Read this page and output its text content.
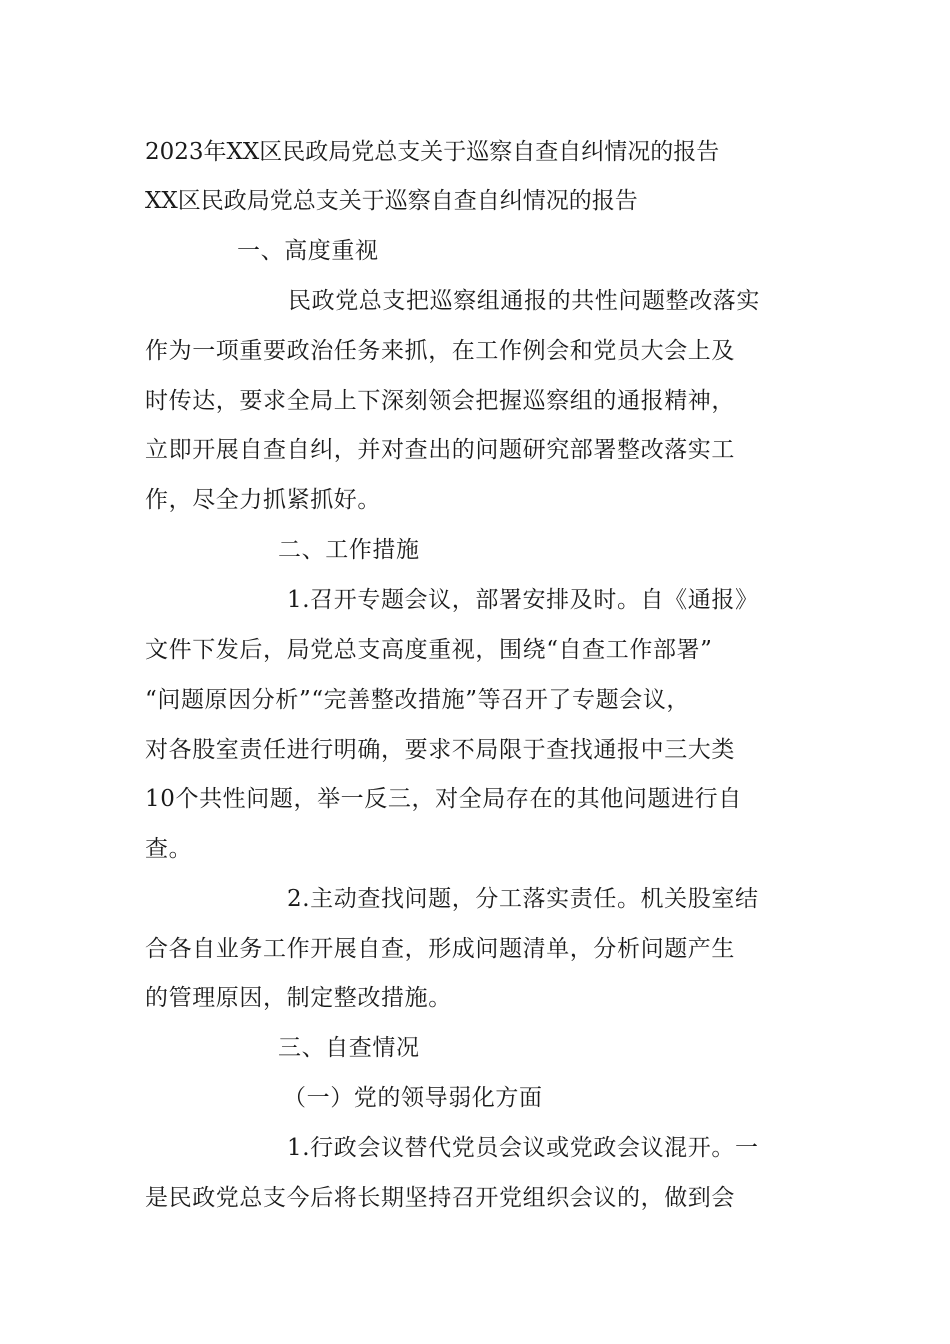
2023年XX区民政局党总支关于巡察自查自纠情况的报告
XX区民政局党总支关于巡察自查自纠情况的报告
一、高度重视
民政党总支把巡察组通报的共性问题整改落实
作为一项重要政治任务来抓，在工作例会和党员大会上及
时传达，要求全局上下深刻领会把握巡察组的通报精神，
立即开展自查自纠，并对查出的问题研究部署整改落实工
作，尽全力抓紧抓好。
二、工作措施
1.召开专题会议，部署安排及时。自《通报》
文件下发后，局党总支高度重视，围绕“自查工作部署”
“问题原因分析”“完善整改措施”等召开了专题会议，
对各股室责任进行明确，要求不局限于查找通报中三大类
10个共性问题，举一反三，对全局存在的其他问题进行自
查。
2.主动查找问题，分工落实责任。机关股室结
合各自业务工作开展自查，形成问题清单，分析问题产生
的管理原因，制定整改措施。
三、自查情况
（一）党的领导弱化方面
1.行政会议替代党员会议或党政会议混开。一
是民政党总支今后将长期坚持召开党组织会议的，做到会
